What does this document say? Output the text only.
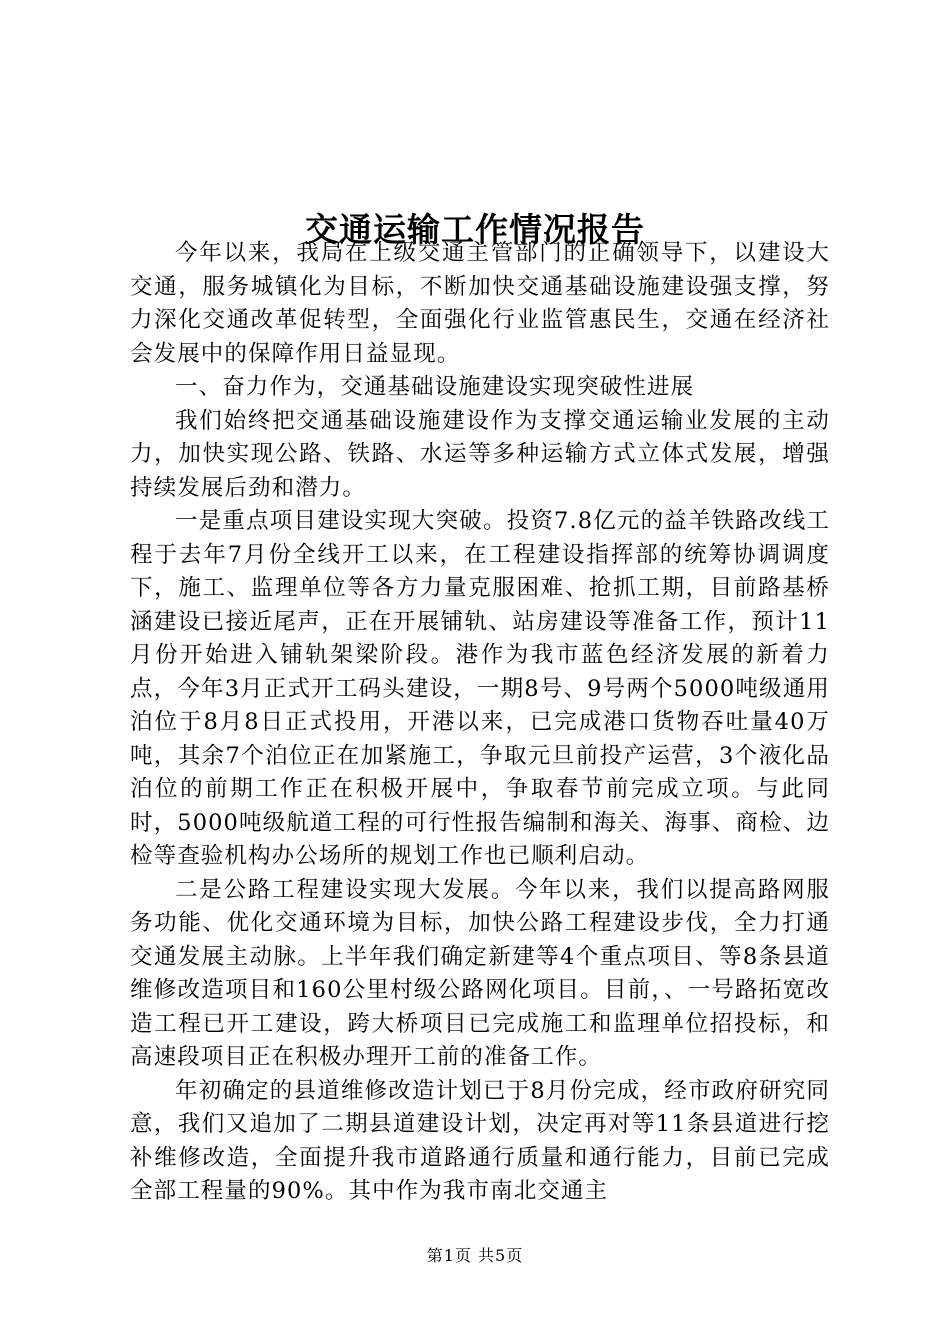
交通运输工作情况报告

今年以来，我局在上级交通主管部门的正确领导下，以建设大交通，服务城镇化为目标，不断加快交通基础设施建设强支撑，努力深化交通改革促转型，全面强化行业监管惠民生，交通在经济社会发展中的保障作用日益显现。

一、奋力作为，交通基础设施建设实现突破性进展

我们始终把交通基础设施建设作为支撑交通运输业发展的主动力，加快实现公路、铁路、水运等多种运输方式立体式发展，增强持续发展后劲和潜力。

一是重点项目建设实现大突破。投资7.8亿元的益羊铁路改线工程于去年7月份全线开工以来，在工程建设指挥部的统筹协调调度下，施工、监理单位等各方力量克服困难、抢抓工期，目前路基桥涵建设已接近尾声，正在开展铺轨、站房建设等准备工作，预计11月份开始进入铺轨架梁阶段。港作为我市蓝色经济发展的新着力点，今年3月正式开工码头建设，一期8号、9号两个5000吨级通用泊位于8月8日正式投用，开港以来，已完成港口货物吞吐量40万吨，其余7个泊位正在加紧施工，争取元旦前投产运营，3个液化品泊位的前期工作正在积极开展中，争取春节前完成立项。与此同时，5000吨级航道工程的可行性报告编制和海关、海事、商检、边检等查验机构办公场所的规划工作也已顺利启动。

二是公路工程建设实现大发展。今年以来，我们以提高路网服务功能、优化交通环境为目标，加快公路工程建设步伐，全力打通交通发展主动脉。上半年我们确定新建等4个重点项目、等8条县道维修改造项目和160公里村级公路网化项目。目前，、一号路拓宽改造工程已开工建设，跨大桥项目已完成施工和监理单位招投标，和高速段项目正在积极办理开工前的准备工作。

年初确定的县道维修改造计划已于8月份完成，经市政府研究同意，我们又追加了二期县道建设计划，决定再对等11条县道进行挖补维修改造，全面提升我市道路通行质量和通行能力，目前已完成全部工程量的90%。其中作为我市南北交通主

第1页 共5页
